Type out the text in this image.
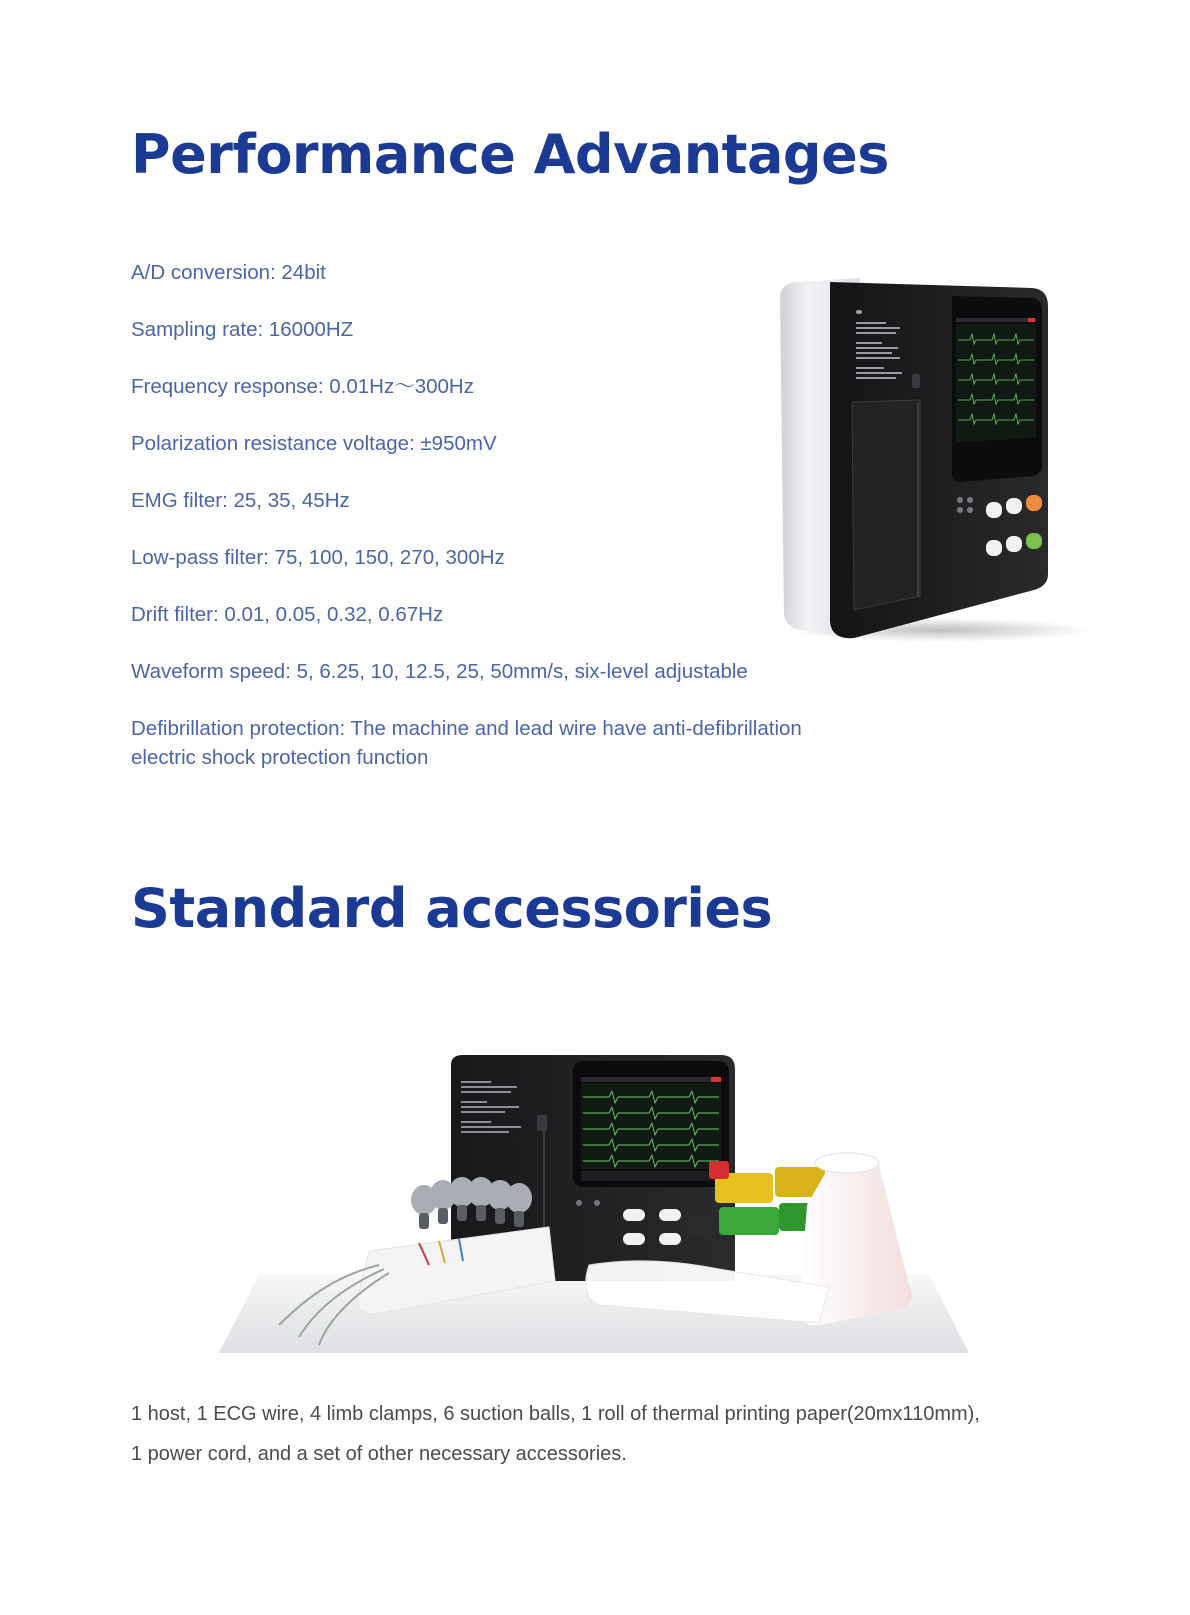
Performance Advantages
A/D conversion: 24bit
Sampling rate: 16000HZ
Frequency response: 0.01Hz～300Hz
Polarization resistance voltage: ±950mV
EMG filter: 25, 35, 45Hz
Low-pass filter: 75, 100, 150, 270, 300Hz
Drift filter: 0.01, 0.05, 0.32, 0.67Hz
Waveform speed: 5, 6.25, 10, 12.5, 25, 50mm/s, six-level adjustable
Defibrillation protection: The machine and lead wire have anti-defibrillation electric shock protection function
Standard accessories

1 host, 1 ECG wire, 4 limb clamps, 6 suction balls, 1 roll of thermal printing paper(20mx110mm),
1 power cord, and a set of other necessary accessories.
